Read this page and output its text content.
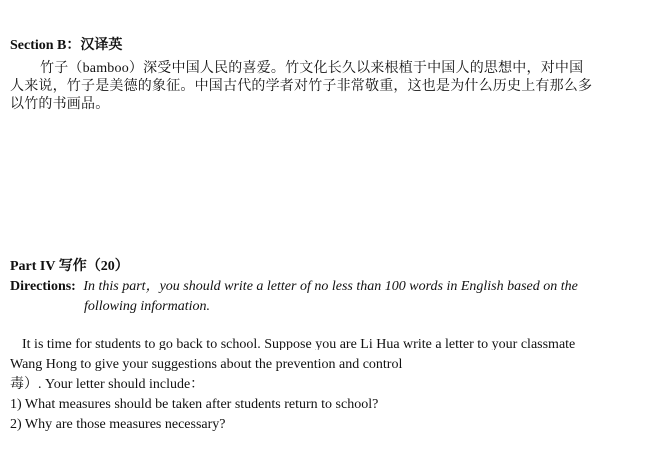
Section B：汉译英
竹子（bamboo）深受中国人民的喜爱。竹文化长久以来根植于中国人的思想中，对中国
人来说，竹子是美德的象征。中国古代的学者对竹子非常敬重，这也是为什么历史上有那么多
以竹的书画品。
Part IV 写作（20）
Directions: In this part，you should write a letter of no less than 100 words in English based on the
following information.
It is time for students to go back to school. Suppose you are Li Hua write a letter to your classmate
Wang Hong to give your suggestions about the prevention and control
毒）. Your letter should include：
1) What measures should be taken after students return to school?
2) Why are those measures necessary?
